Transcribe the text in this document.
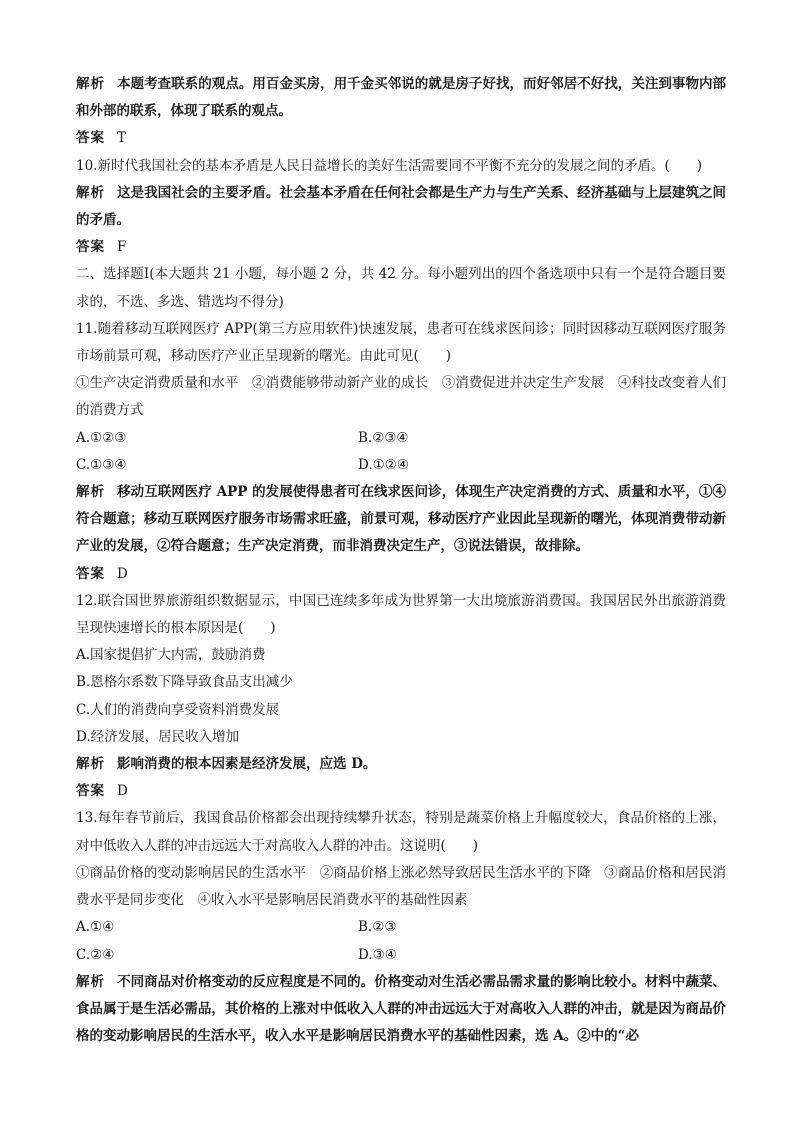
解析 本题考查联系的观点。用百金买房，用千金买邻说的就是房子好找，而好邻居不好找，关注到事物内部和外部的联系，体现了联系的观点。

答案 T

10.新时代我国社会的基本矛盾是人民日益增长的美好生活需要同不平衡不充分的发展之间的矛盾。(　　)

解析 这是我国社会的主要矛盾。社会基本矛盾在任何社会都是生产力与生产关系、经济基础与上层建筑之间的矛盾。

答案 F

二、选择题Ⅰ(本大题共 21 小题，每小题 2 分，共 42 分。每小题列出的四个备选项中只有一个是符合题目要求的，不选、多选、错选均不得分)

11.随着移动互联网医疗 APP(第三方应用软件)快速发展，患者可在线求医问诊；同时因移动互联网医疗服务市场前景可观，移动医疗产业正呈现新的曙光。由此可见(　　)

①生产决定消费质量和水平　②消费能够带动新产业的成长　③消费促进并决定生产发展　④科技改变着人们的消费方式

A.①②③	B.②③④
C.①③④	D.①②④

解析 移动互联网医疗 APP 的发展使得患者可在线求医问诊，体现生产决定消费的方式、质量和水平，①④符合题意；移动互联网医疗服务市场需求旺盛，前景可观，移动医疗产业因此呈现新的曙光，体现消费带动新产业的发展，②符合题意；生产决定消费，而非消费决定生产，③说法错误，故排除。

答案 D

12.联合国世界旅游组织数据显示，中国已连续多年成为世界第一大出境旅游消费国。我国居民外出旅游消费呈现快速增长的根本原因是(　　)

A.国家提倡扩大内需，鼓励消费

B.恩格尔系数下降导致食品支出减少

C.人们的消费向享受资料消费发展

D.经济发展，居民收入增加

解析 影响消费的根本因素是经济发展，应选 D。

答案 D

13.每年春节前后，我国食品价格都会出现持续攀升状态，特别是蔬菜价格上升幅度较大，食品价格的上涨，对中低收入人群的冲击远远大于对高收入人群的冲击。这说明(　　)

①商品价格的变动影响居民的生活水平　②商品价格上涨必然导致居民生活水平的下降　③商品价格和居民消费水平是同步变化　④收入水平是影响居民消费水平的基础性因素

A.①④	B.②③
C.②④	D.③④

解析 不同商品对价格变动的反应程度是不同的。价格变动对生活必需品需求量的影响比较小。材料中蔬菜、食品属于是生活必需品，其价格的上涨对中低收入人群的冲击远远大于对高收入人群的冲击，就是因为商品价格的变动影响居民的生活水平，收入水平是影响居民消费水平的基础性因素，选 A。②中的“必
